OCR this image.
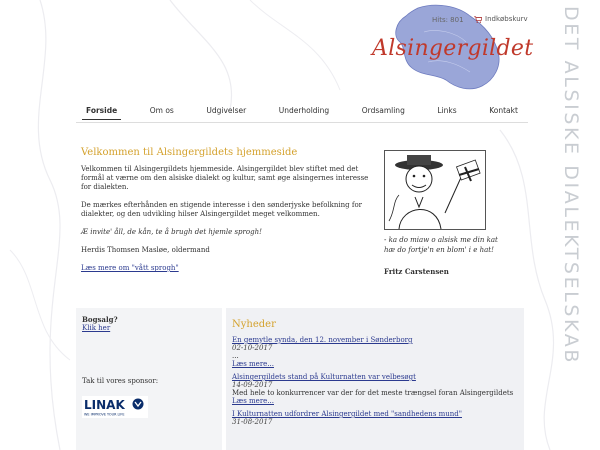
Alsingergildet
Hits: 801	Indkøbskurv DET ALSISKE DIALEKTSELSKAB
Forside	Om os	Udgivelser	Underholding	Ordsamling	Links	Kontakt
Velkommen til Alsingergildets hjemmeside

Velkommen til Alsingergildets hjemmeside. Alsingergildet blev stiftet med det formål at værne om den alsiske dialekt og kultur, samt øge alsingernes interesse for dialekten.

De mærkes efterhånden en stigende interesse i den sønderjyske befolkning for dialekter, og den udvikling hilser Alsingergildet meget velkommen.

Æ invite' åll, de kån, te å brugh det hjemle sprogh!

Herdis Thomsen Masløe, oldermand

Læs mere om "vått sprogh"
- ka do miaw o alsisk me din kat hæ do fortje'n en blom' i e hat!
Fritz Carstensen
Bogsalg?
Klik her
Tak til vores sponsor:
LINAK
WE IMPROVE YOUR LIFE
Nyheder
En gemytle synda, den 12. november i Sønderborg
02-10-2017
...
Læs mere...
Alsingergildets stand på Kulturnatten var velbesøgt
14-09-2017
Med hele to konkurrencer var der for det meste trængsel foran Alsingergildets
Læs mere...
I Kulturnatten udfordrer Alsingergildet med "sandhedens mund"
31-08-2017
